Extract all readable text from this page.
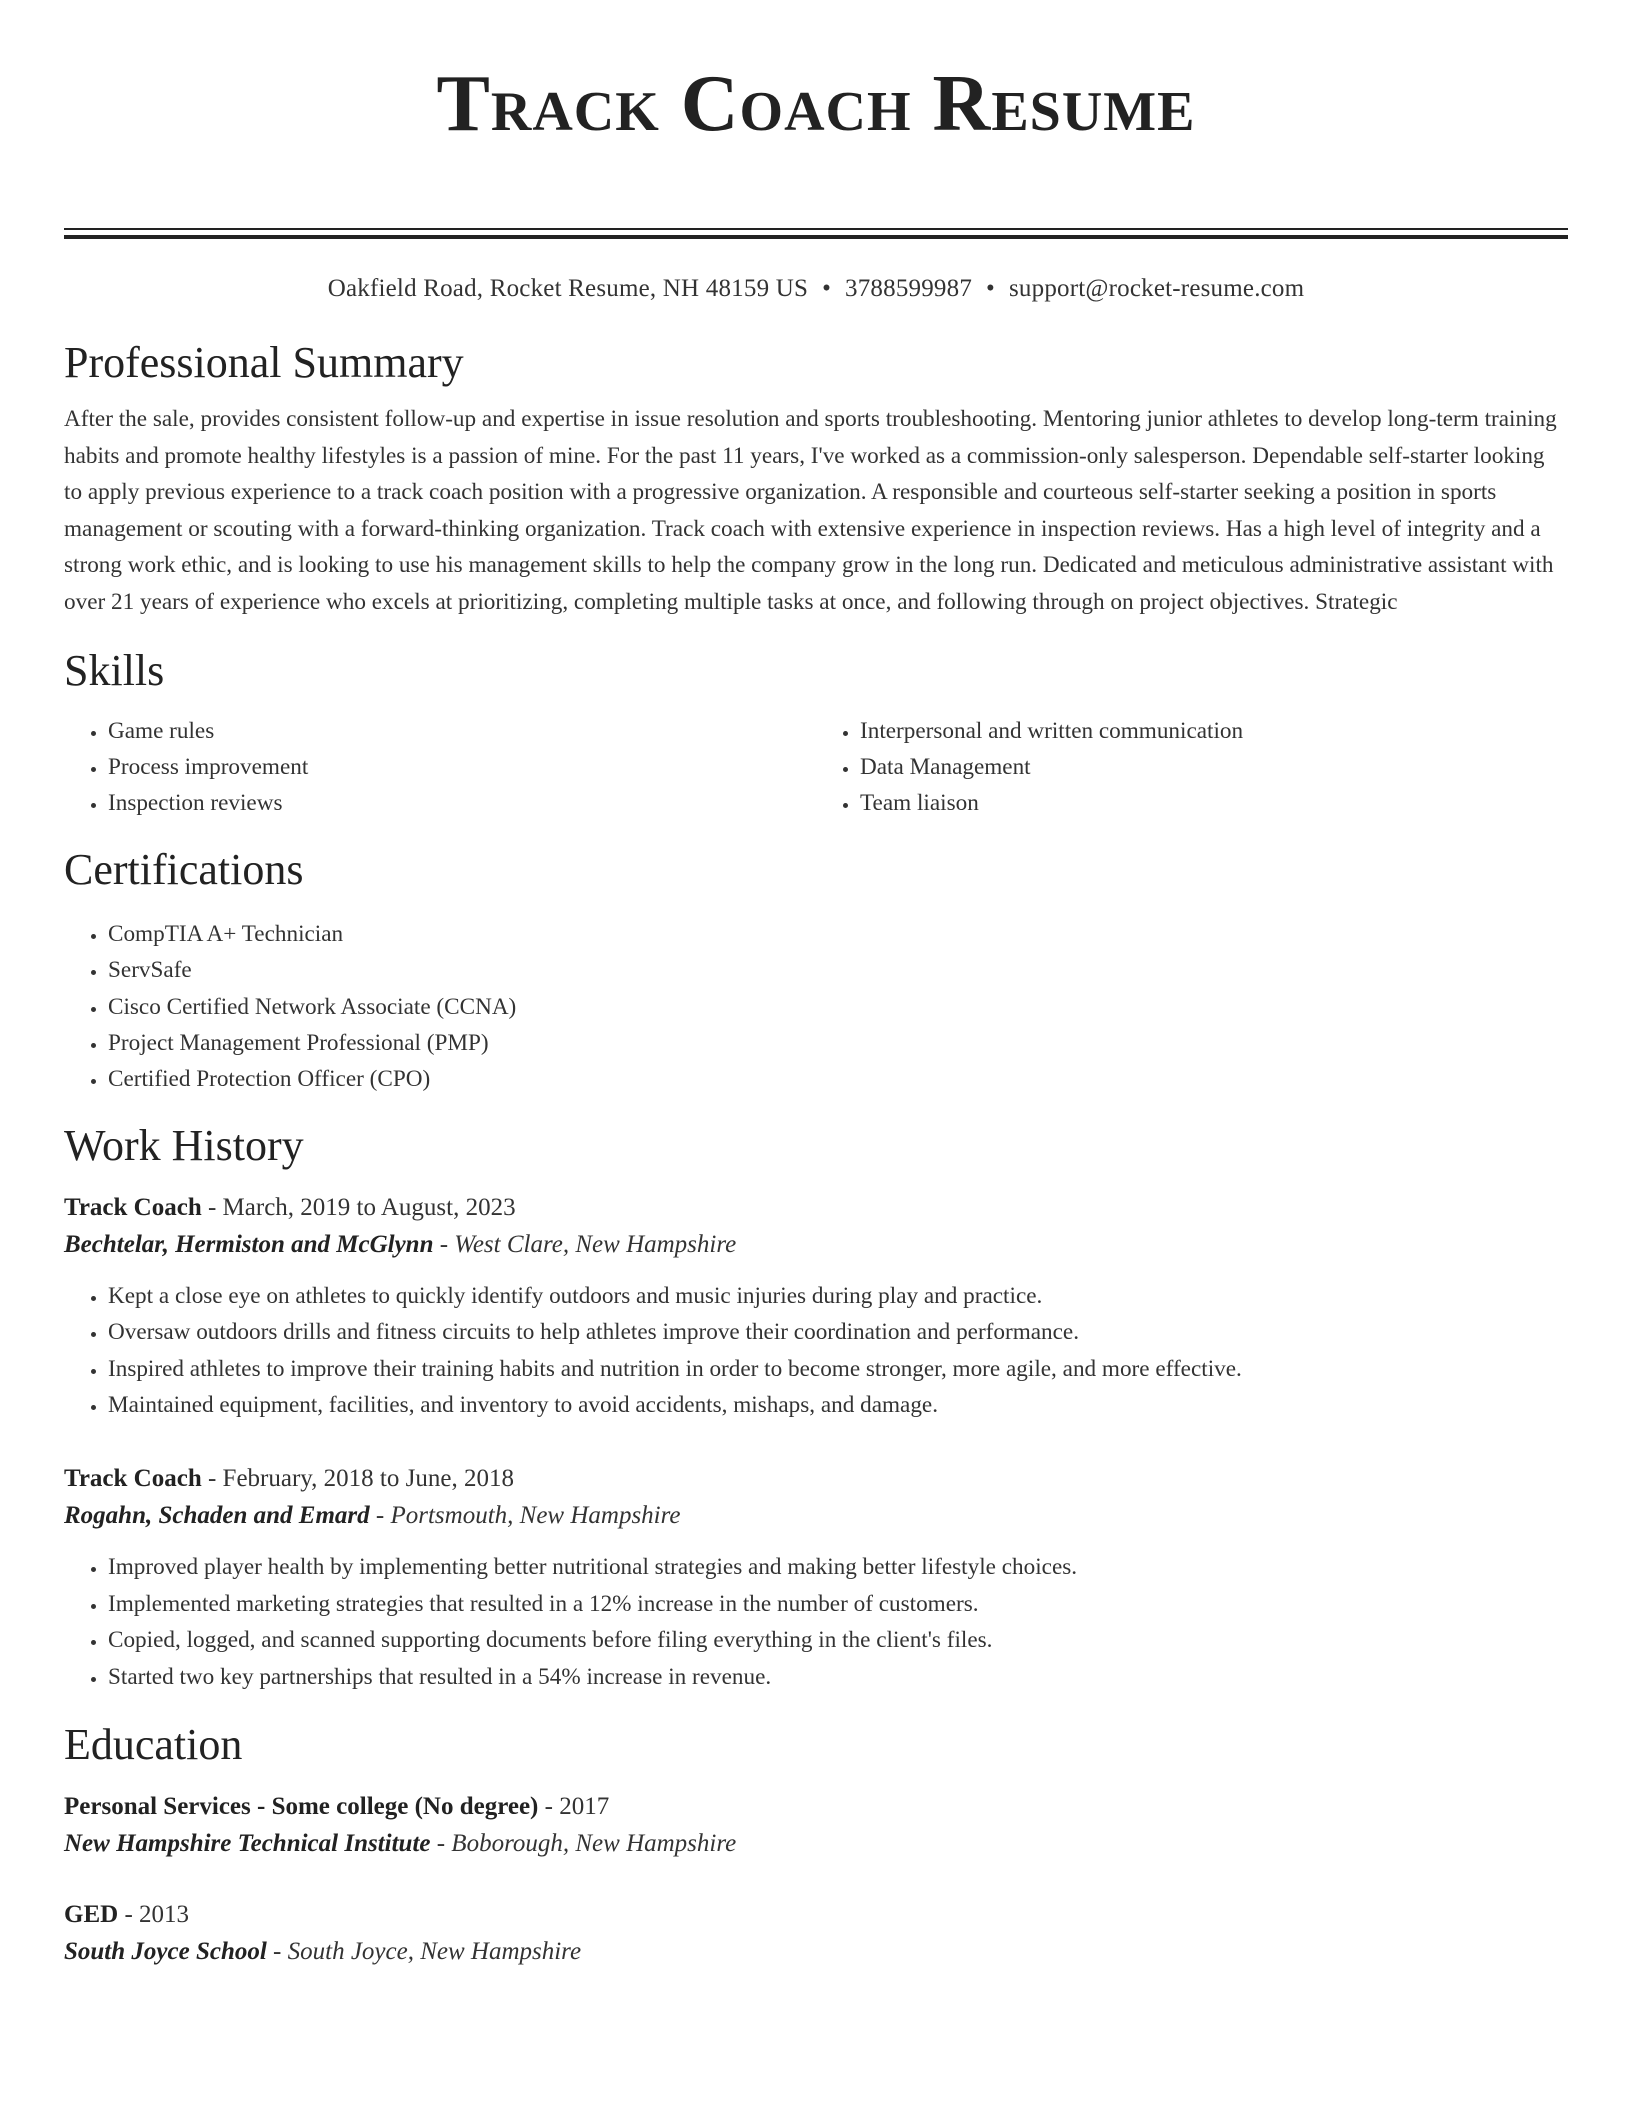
Track Coach Resume
Oakfield Road, Rocket Resume, NH 48159 US • 3788599987 • support@rocket-resume.com
Professional Summary

After the sale, provides consistent follow-up and expertise in issue resolution and sports troubleshooting. Mentoring junior athletes to develop long-term training habits and promote healthy lifestyles is a passion of mine. For the past 11 years, I've worked as a commission-only salesperson. Dependable self-starter looking to apply previous experience to a track coach position with a progressive organization. A responsible and courteous self-starter seeking a position in sports management or scouting with a forward-thinking organization. Track coach with extensive experience in inspection reviews. Has a high level of integrity and a strong work ethic, and is looking to use his management skills to help the company grow in the long run. Dedicated and meticulous administrative assistant with over 21 years of experience who excels at prioritizing, completing multiple tasks at once, and following through on project objectives. Strategic

Skills
• Game rules
• Process improvement
• Inspection reviews
• Interpersonal and written communication
• Data Management
• Team liaison
Certifications
• CompTIA A+ Technician
• ServSafe
• Cisco Certified Network Associate (CCNA)
• Project Management Professional (PMP)
• Certified Protection Officer (CPO)
Work History
Track Coach - March, 2019 to August, 2023
Bechtelar, Hermiston and McGlynn - West Clare, New Hampshire
• Kept a close eye on athletes to quickly identify outdoors and music injuries during play and practice.
• Oversaw outdoors drills and fitness circuits to help athletes improve their coordination and performance.
• Inspired athletes to improve their training habits and nutrition in order to become stronger, more agile, and more effective.
• Maintained equipment, facilities, and inventory to avoid accidents, mishaps, and damage.
Track Coach - February, 2018 to June, 2018
Rogahn, Schaden and Emard - Portsmouth, New Hampshire
• Improved player health by implementing better nutritional strategies and making better lifestyle choices.
• Implemented marketing strategies that resulted in a 12% increase in the number of customers.
• Copied, logged, and scanned supporting documents before filing everything in the client's files.
• Started two key partnerships that resulted in a 54% increase in revenue.
Education
Personal Services - Some college (No degree) - 2017
New Hampshire Technical Institute - Boborough, New Hampshire
GED - 2013
South Joyce School - South Joyce, New Hampshire
